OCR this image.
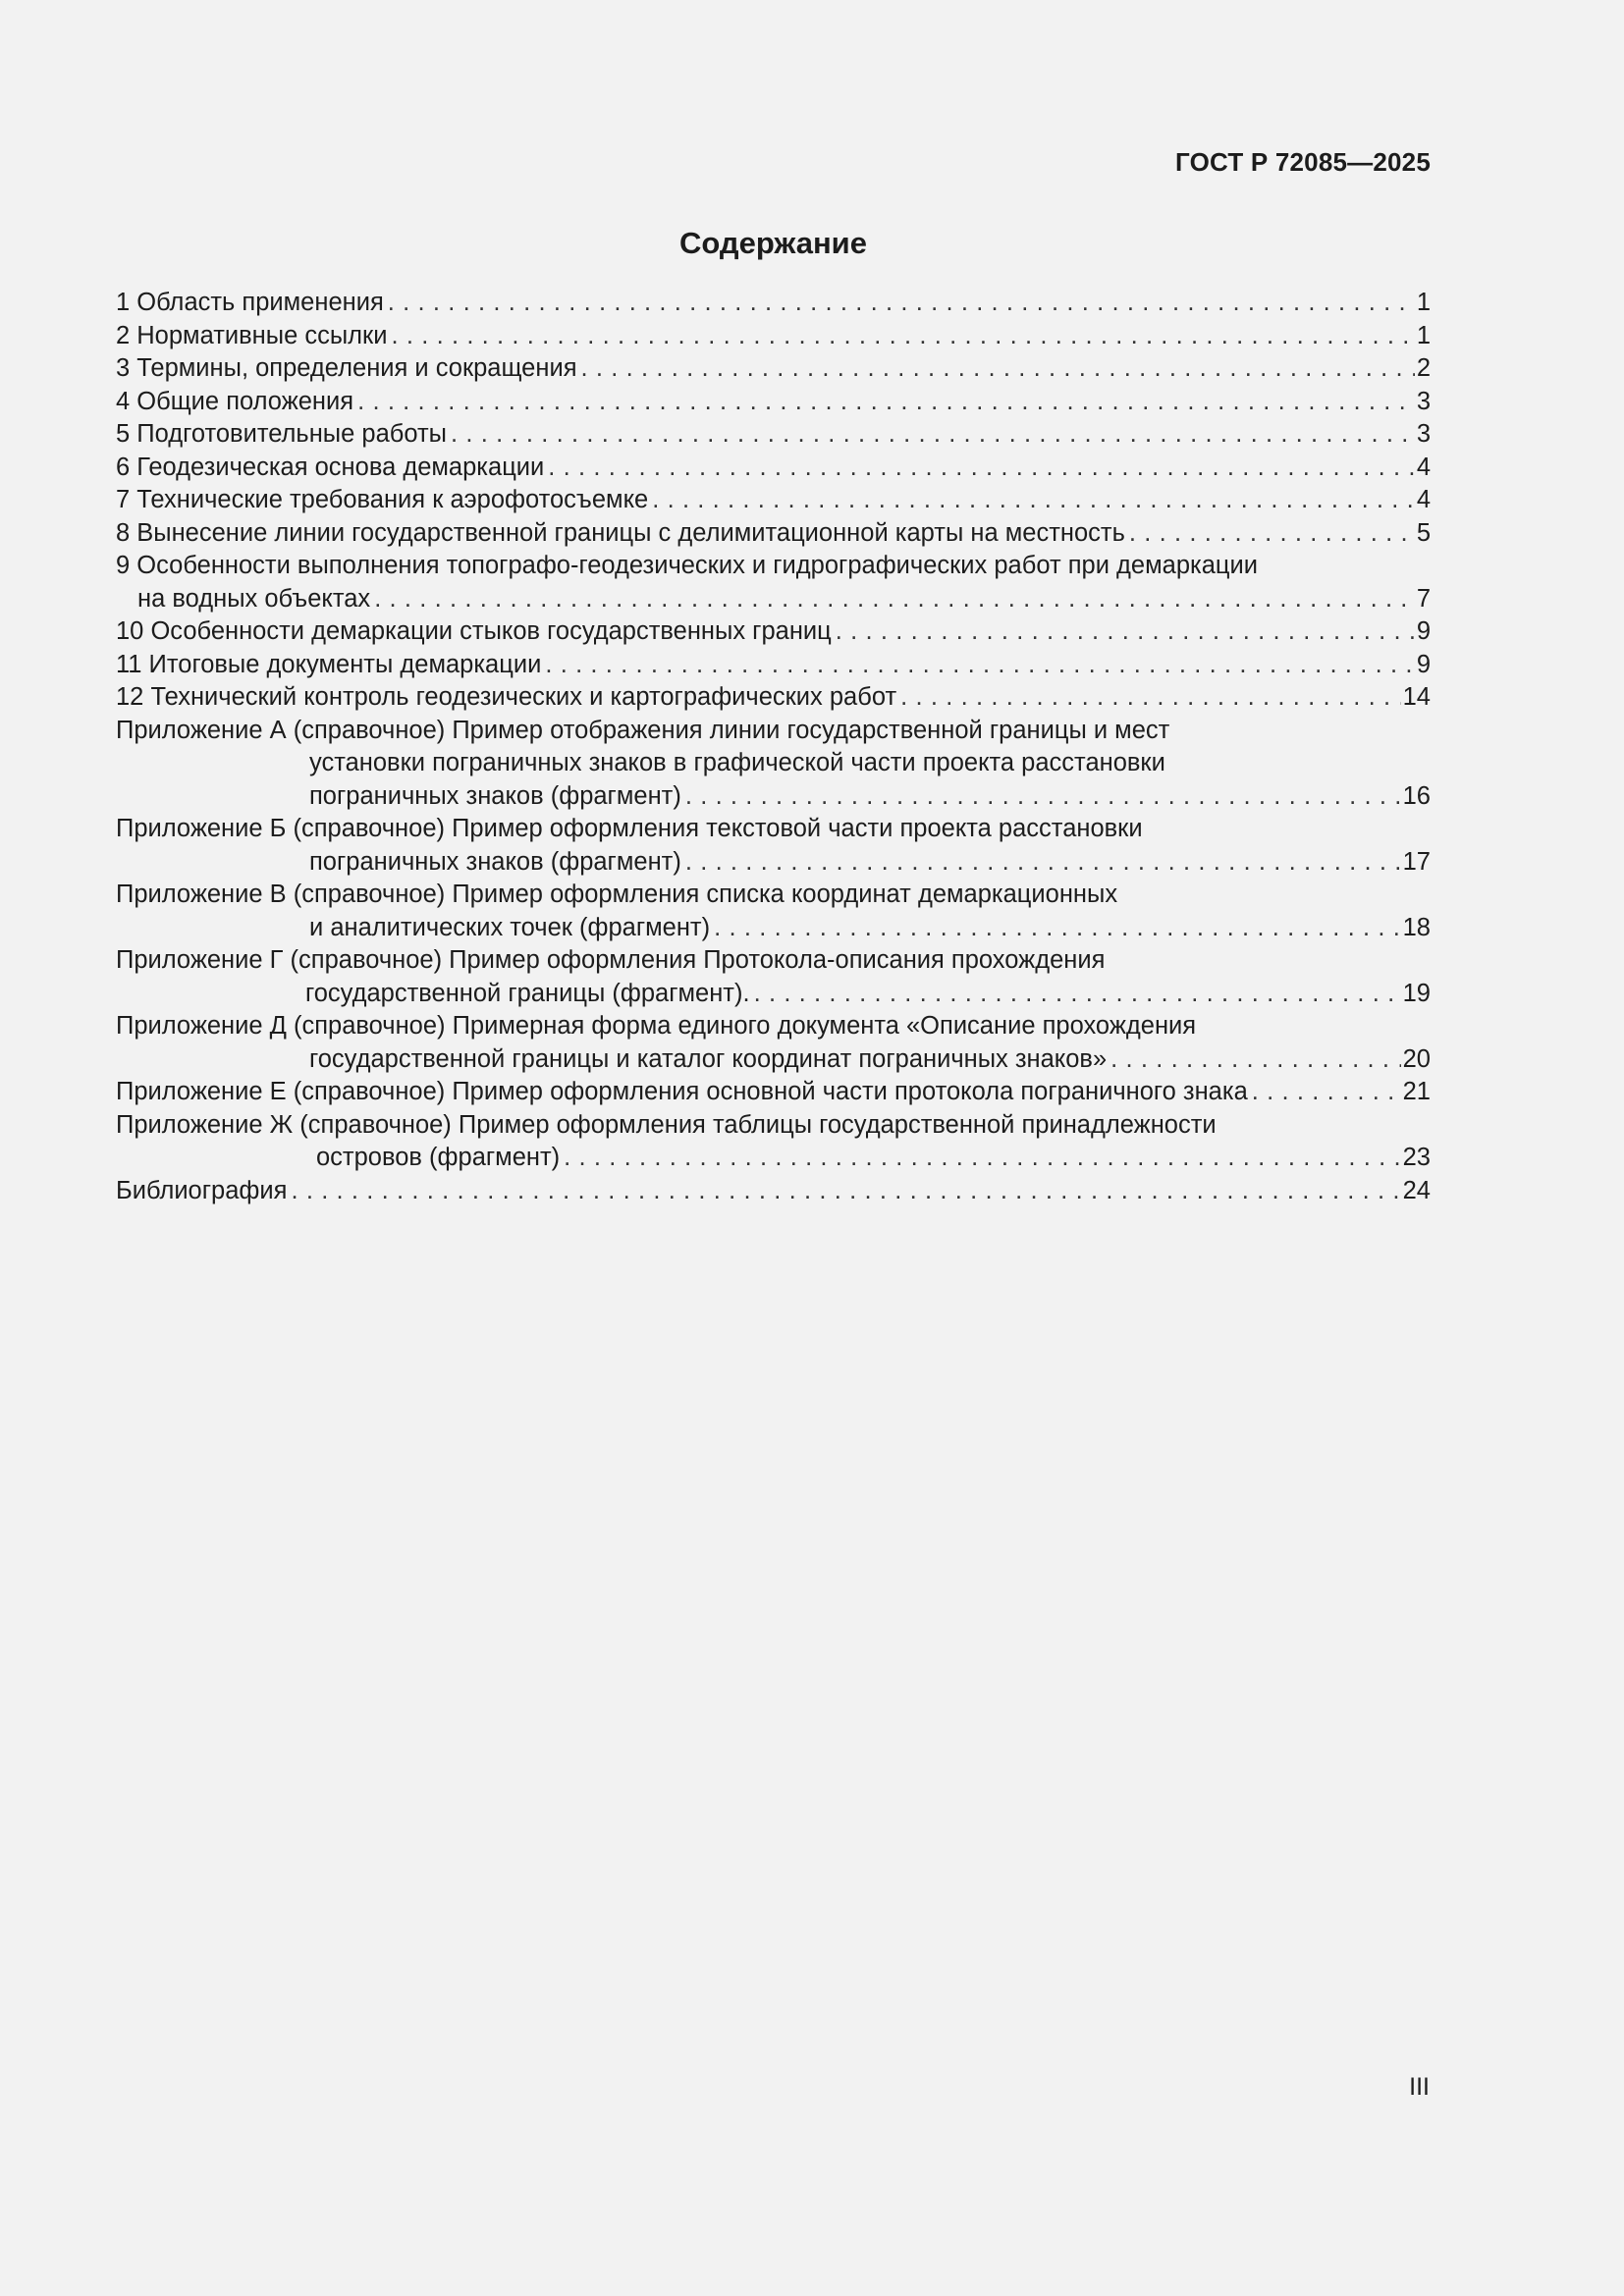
ГОСТ Р 72085—2025
Содержание
1 Область применения . . .	1
2 Нормативные ссылки . . .	1
3 Термины, определения и сокращения . . .	2
4 Общие положения . . .	3
5 Подготовительные работы . . .	3
6 Геодезическая основа демаркации . . .	4
7 Технические требования к аэрофотосъемке . . .	4
8 Вынесение линии государственной границы с делимитационной карты на местность . . .	5
9 Особенности выполнения топографо-геодезических и гидрографических работ при демаркации
на водных объектах . . .	7
10 Особенности демаркации стыков государственных границ . . .	9
11 Итоговые документы демаркации . . .	9
12 Технический контроль геодезических и картографических работ . . .	14
Приложение А (справочное) Пример отображения линии государственной границы и мест
установки пограничных знаков в графической части проекта расстановки
пограничных знаков (фрагмент) . . .	16
Приложение Б (справочное) Пример оформления текстовой части проекта расстановки
пограничных знаков (фрагмент) . . .	17
Приложение В (справочное) Пример оформления списка координат демаркационных
и аналитических точек (фрагмент) . . .	18
Приложение Г (справочное) Пример оформления Протокола-описания прохождения
государственной границы (фрагмент). . . .	19
Приложение Д (справочное) Примерная форма единого документа «Описание прохождения
государственной границы и каталог координат пограничных знаков» . . .	20
Приложение Е (справочное) Пример оформления основной части протокола пограничного знака . . .	21
Приложение Ж (справочное) Пример оформления таблицы государственной принадлежности
островов (фрагмент) . . .	23
Библиография . . .	24
III
